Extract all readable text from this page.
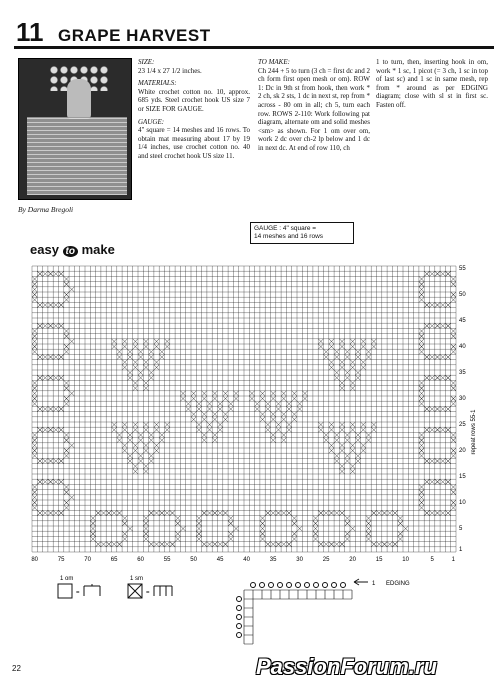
11 GRAPE HARVEST
By Darma Bregoli
SIZE:
23 1/4 x 27 1/2 inches.
MATERIALS:
White crochet cotton no. 10, approx. 685 yds. Steel crochet hook US size 7 or SIZE FOR GAUGE.
GAUGE:
4" square = 14 meshes and 16 rows. To obtain mat measuring about 17 by 19 1/4 inches, use crochet cotton no. 40 and steel crochet hook US size 11.
TO MAKE:
Ch 244 + 5 to turn (3 ch = first dc and 2 ch form first open mesh or om). ROW 1: Dc in 9th st from hook, then work * 2 ch, sk 2 sts, 1 dc in next st, rep from * across - 80 om in all; ch 5, turn each row. ROWS 2-110: Work following pat diagram, alternate om and solid meshes <sm> as shown. For 1 om over om, work 2 dc over ch-2 lp below and 1 dc in next dc. At end of row 110, ch
1 to turn, then, inserting hook in om, work * 1 sc, 1 picot (= 3 ch, 1 sc in top of last sc) and 1 sc in same mesh, rep from * around as per EDGING diagram; close with sl st in first sc. Fasten off.
easy to make
GAUGE : 4" square =
14 meshes and 16 rows
80	75	70	65	60	55	50	45	40	35	30	25	20	15	10	5	1
55
50
45
40
35
30
25
20
15
10
5
1
repeat rows 55-1
1 om
=
1 sm
=
EDGING
1
22	PassionForum.ru
